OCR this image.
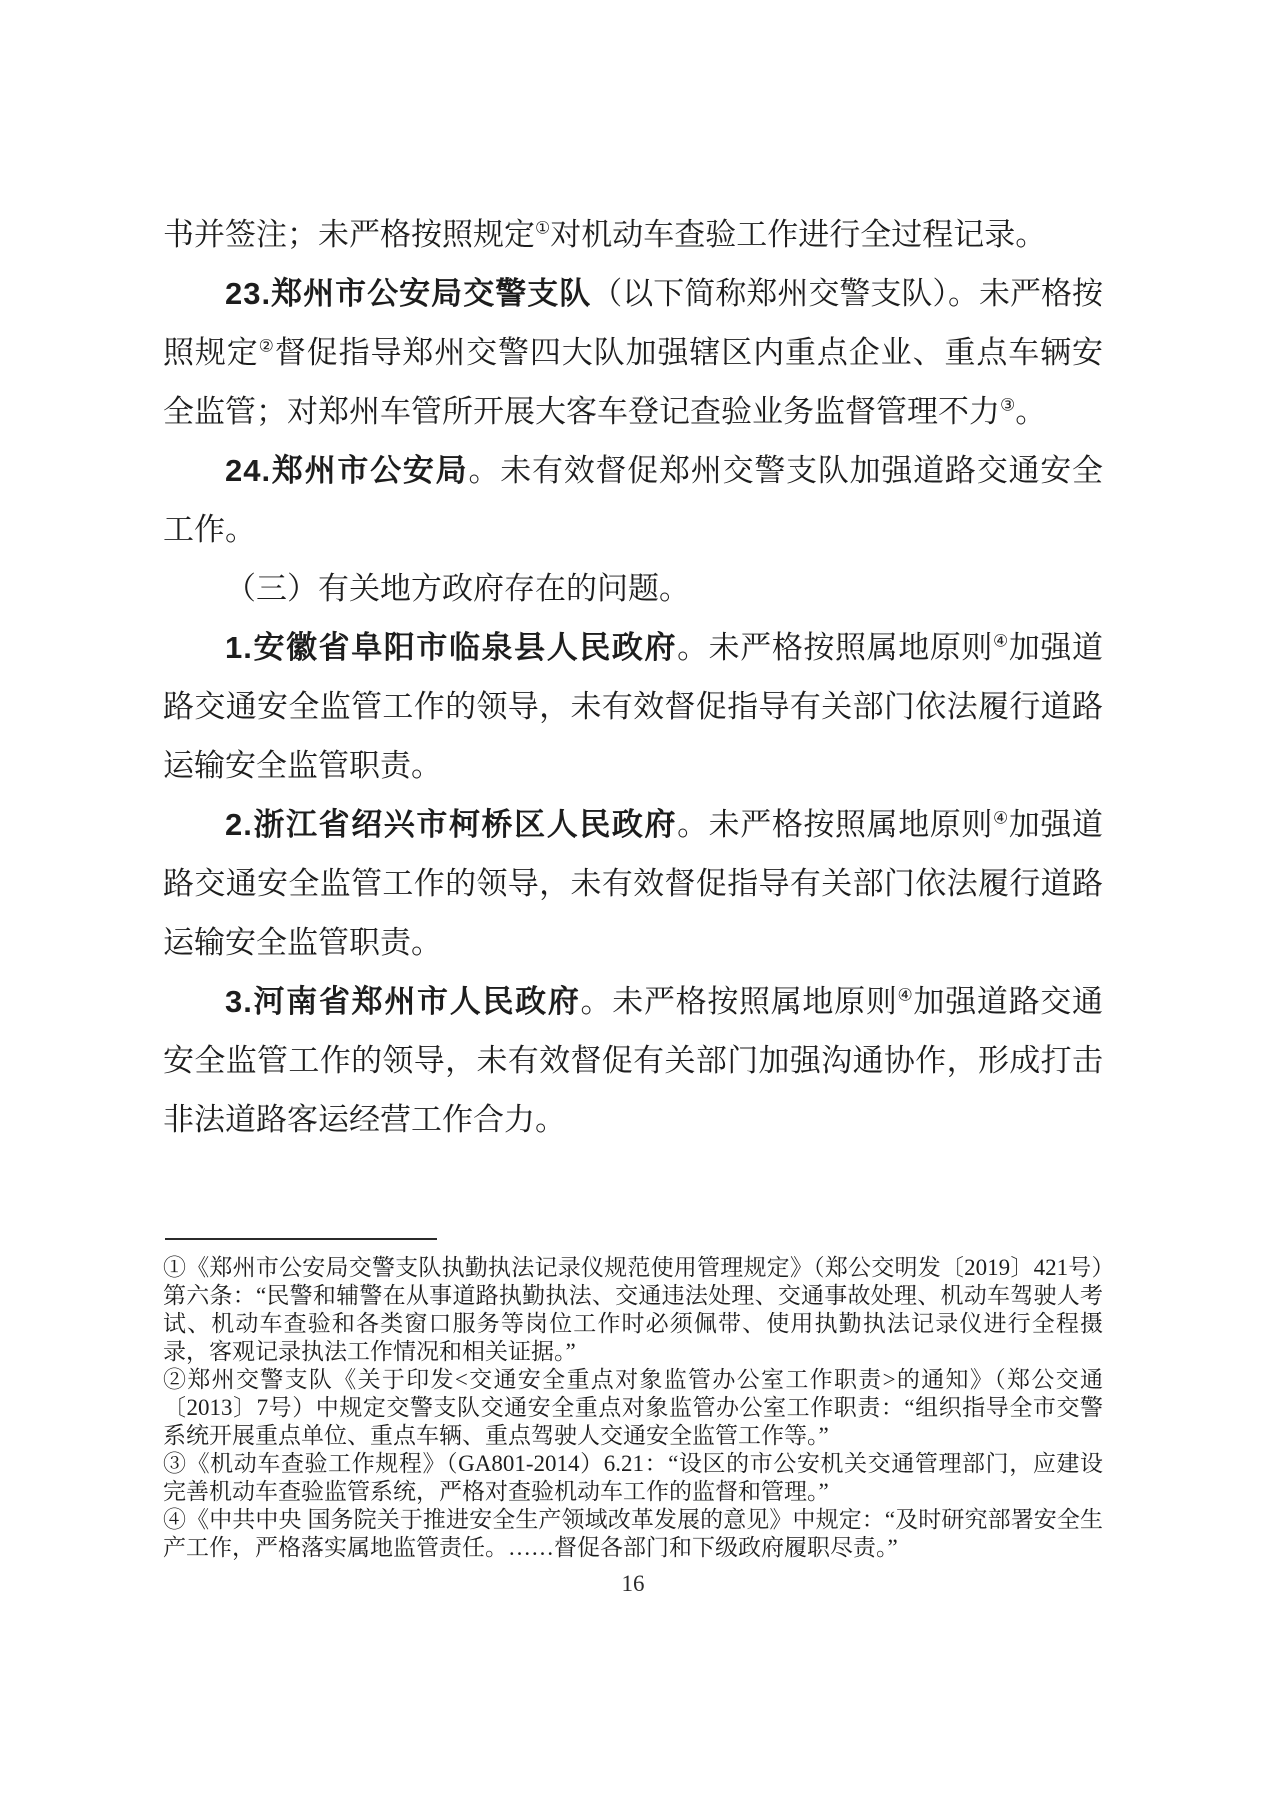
书并签注；未严格按照规定①对机动车查验工作进行全过程记录。

23.郑州市公安局交警支队（以下简称郑州交警支队）。未严格按照规定②督促指导郑州交警四大队加强辖区内重点企业、重点车辆安全监管；对郑州车管所开展大客车登记查验业务监督管理不力③。

24.郑州市公安局。未有效督促郑州交警支队加强道路交通安全工作。

（三）有关地方政府存在的问题。

1.安徽省阜阳市临泉县人民政府。未严格按照属地原则④加强道路交通安全监管工作的领导，未有效督促指导有关部门依法履行道路运输安全监管职责。

2.浙江省绍兴市柯桥区人民政府。未严格按照属地原则④加强道路交通安全监管工作的领导，未有效督促指导有关部门依法履行道路运输安全监管职责。

3.河南省郑州市人民政府。未严格按照属地原则④加强道路交通安全监管工作的领导，未有效督促有关部门加强沟通协作，形成打击非法道路客运经营工作合力。

①《郑州市公安局交警支队执勤执法记录仪规范使用管理规定》（郑公交明发〔2019〕421号）第六条：“民警和辅警在从事道路执勤执法、交通违法处理、交通事故处理、机动车驾驶人考试、机动车查验和各类窗口服务等岗位工作时必须佩带、使用执勤执法记录仪进行全程摄录，客观记录执法工作情况和相关证据。”

②郑州交警支队《关于印发<交通安全重点对象监管办公室工作职责>的通知》（郑公交通〔2013〕7号）中规定交警支队交通安全重点对象监管办公室工作职责：“组织指导全市交警系统开展重点单位、重点车辆、重点驾驶人交通安全监管工作等。”

③《机动车查验工作规程》（GA801-2014）6.21：“设区的市公安机关交通管理部门，应建设完善机动车查验监管系统，严格对查验机动车工作的监督和管理。”

④《中共中央 国务院关于推进安全生产领域改革发展的意见》中规定：“及时研究部署安全生产工作，严格落实属地监管责任。……督促各部门和下级政府履职尽责。”

16
